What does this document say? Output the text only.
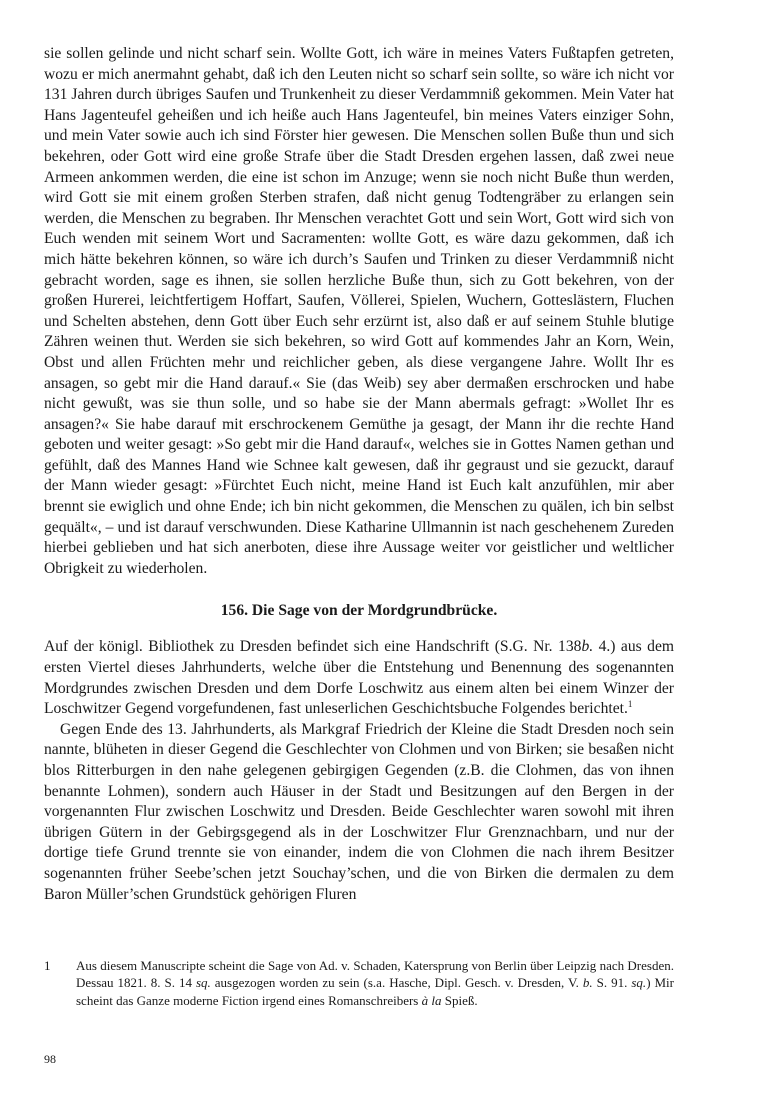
sie sollen gelinde und nicht scharf sein. Wollte Gott, ich wäre in meines Vaters Fußtapfen getreten, wozu er mich anermahnt gehabt, daß ich den Leuten nicht so scharf sein sollte, so wäre ich nicht vor 131 Jahren durch übriges Saufen und Trunkenheit zu dieser Verdammniß gekommen. Mein Vater hat Hans Jagenteufel geheißen und ich heiße auch Hans Jagenteufel, bin meines Vaters einziger Sohn, und mein Vater sowie auch ich sind Förster hier gewesen. Die Menschen sollen Buße thun und sich bekehren, oder Gott wird eine große Strafe über die Stadt Dresden ergehen lassen, daß zwei neue Armeen ankommen werden, die eine ist schon im Anzuge; wenn sie noch nicht Buße thun werden, wird Gott sie mit einem großen Sterben strafen, daß nicht genug Todtengräber zu erlangen sein werden, die Menschen zu begraben. Ihr Menschen verachtet Gott und sein Wort, Gott wird sich von Euch wenden mit seinem Wort und Sacramenten: wollte Gott, es wäre dazu gekommen, daß ich mich hätte bekehren können, so wäre ich durch’s Saufen und Trinken zu dieser Verdammniß nicht gebracht worden, sage es ihnen, sie sollen herzliche Buße thun, sich zu Gott bekehren, von der großen Hurerei, leichtfertigem Hoffart, Saufen, Völlerei, Spielen, Wuchern, Gotteslästern, Fluchen und Schelten abstehen, denn Gott über Euch sehr erzürnt ist, also daß er auf seinem Stuhle blutige Zähren weinen thut. Werden sie sich bekehren, so wird Gott auf kommendes Jahr an Korn, Wein, Obst und allen Früchten mehr und reichlicher geben, als diese vergangene Jahre. Wollt Ihr es ansagen, so gebt mir die Hand darauf.« Sie (das Weib) sey aber dermaßen erschrocken und habe nicht gewußt, was sie thun solle, und so habe sie der Mann abermals gefragt: »Wollet Ihr es ansagen?« Sie habe darauf mit erschrockenem Gemüthe ja gesagt, der Mann ihr die rechte Hand geboten und weiter gesagt: »So gebt mir die Hand darauf«, welches sie in Gottes Namen gethan und gefühlt, daß des Mannes Hand wie Schnee kalt gewesen, daß ihr gegraust und sie gezuckt, darauf der Mann wieder gesagt: »Fürchtet Euch nicht, meine Hand ist Euch kalt anzufühlen, mir aber brennt sie ewiglich und ohne Ende; ich bin nicht gekommen, die Menschen zu quälen, ich bin selbst gequält«, – und ist darauf verschwunden. Diese Katharine Ullmannin ist nach geschehenem Zureden hierbei geblieben und hat sich anerboten, diese ihre Aussage weiter vor geistlicher und weltlicher Obrigkeit zu wiederholen.

156. Die Sage von der Mordgrundbrücke.

Auf der königl. Bibliothek zu Dresden befindet sich eine Handschrift (S.G. Nr. 138b. 4.) aus dem ersten Viertel dieses Jahrhunderts, welche über die Entstehung und Benennung des sogenannten Mordgrundes zwischen Dresden und dem Dorfe Loschwitz aus einem alten bei einem Winzer der Loschwitzer Gegend vorgefundenen, fast unleserlichen Geschichtsbuche Folgendes berichtet.$^1$

Gegen Ende des 13. Jahrhunderts, als Markgraf Friedrich der Kleine die Stadt Dresden noch sein nannte, blüheten in dieser Gegend die Geschlechter von Clohmen und von Birken; sie besaßen nicht blos Ritterburgen in den nahe gelegenen gebirgigen Gegenden (z.B. die Clohmen, das von ihnen benannte Lohmen), sondern auch Häuser in der Stadt und Besitzungen auf den Bergen in der vorgenannten Flur zwischen Loschwitz und Dresden. Beide Geschlechter waren sowohl mit ihren übrigen Gütern in der Gebirgsgegend als in der Loschwitzer Flur Grenznachbarn, und nur der dortige tiefe Grund trennte sie von einander, indem die von Clohmen die nach ihrem Besitzer sogenannten früher Seebe’schen jetzt Souchay’schen, und die von Birken die dermalen zu dem Baron Müller’schen Grundstück gehörigen Fluren

1	Aus diesem Manuscripte scheint die Sage von Ad. v. Schaden, Katersprung von Berlin über Leipzig nach Dresden. Dessau 1821. 8. S. 14 sq. ausgezogen worden zu sein (s.a. Hasche, Dipl. Gesch. v. Dresden, V. b. S. 91. sq.) Mir scheint das Ganze moderne Fiction irgend eines Romanschreibers à la Spieß.
98
